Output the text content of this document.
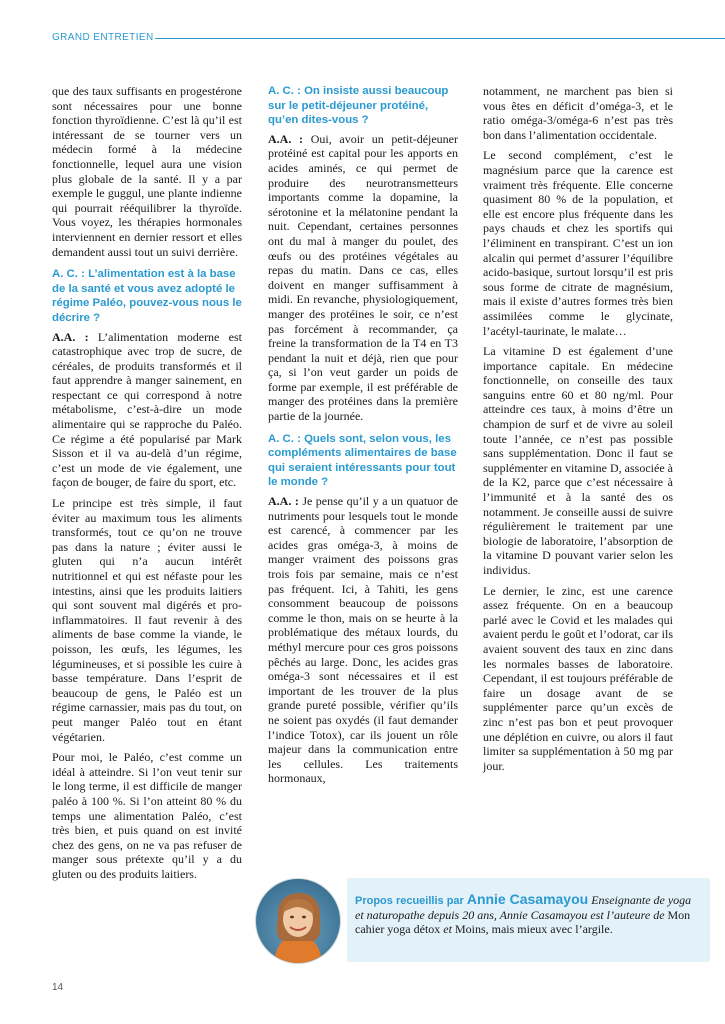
GRAND ENTRETIEN

que des taux suffisants en progestérone sont nécessaires pour une bonne fonction thyroïdienne. C’est là qu’il est intéressant de se tourner vers un médecin formé à la médecine fonctionnelle, lequel aura une vision plus globale de la santé. Il y a par exemple le guggul, une plante indienne qui pourrait rééquilibrer la thyroïde. Vous voyez, les thérapies hormonales interviennent en dernier ressort et elles demandent aussi tout un suivi derrière.

A. C. : L’alimentation est à la base de la santé et vous avez adopté le régime Paléo, pouvez-vous nous le décrire ?

A.A. : L’alimentation moderne est catastrophique avec trop de sucre, de céréales, de produits transformés et il faut apprendre à manger sainement, en respectant ce qui correspond à notre métabolisme, c’est-à-dire un mode alimentaire qui se rapproche du Paléo. Ce régime a été popularisé par Mark Sisson et il va au-delà d’un régime, c’est un mode de vie également, une façon de bouger, de faire du sport, etc.

Le principe est très simple, il faut éviter au maximum tous les aliments transformés, tout ce qu’on ne trouve pas dans la nature ; éviter aussi le gluten qui n’a aucun intérêt nutritionnel et qui est néfaste pour les intestins, ainsi que les produits laitiers qui sont souvent mal digérés et pro-inflammatoires. Il faut revenir à des aliments de base comme la viande, le poisson, les œufs, les légumes, les légumineuses, et si possible les cuire à basse température. Dans l’esprit de beaucoup de gens, le Paléo est un régime carnassier, mais pas du tout, on peut manger Paléo tout en étant végétarien.

Pour moi, le Paléo, c’est comme un idéal à atteindre. Si l’on veut tenir sur le long terme, il est difficile de manger paléo à 100 %. Si l’on atteint 80 % du temps une alimentation Paléo, c’est très bien, et puis quand on est invité chez des gens, on ne va pas refuser de manger sous prétexte qu’il y a du gluten ou des produits laitiers.

A. C. : On insiste aussi beaucoup sur le petit-déjeuner protéiné, qu’en dites-vous ?

A.A. : Oui, avoir un petit-déjeuner protéiné est capital pour les apports en acides aminés, ce qui permet de produire des neurotransmetteurs importants comme la dopamine, la sérotonine et la mélatonine pendant la nuit. Cependant, certaines personnes ont du mal à manger du poulet, des œufs ou des protéines végétales au repas du matin. Dans ce cas, elles doivent en manger suffisamment à midi. En revanche, physiologiquement, manger des protéines le soir, ce n’est pas forcément à recommander, ça freine la transformation de la T4 en T3 pendant la nuit et déjà, rien que pour ça, si l’on veut garder un poids de forme par exemple, il est préférable de manger des protéines dans la première partie de la journée.

A. C. : Quels sont, selon vous, les compléments alimentaires de base qui seraient intéressants pour tout le monde ?

A.A. : Je pense qu’il y a un quatuor de nutriments pour lesquels tout le monde est carencé, à commencer par les acides gras oméga-3, à moins de manger vraiment des poissons gras trois fois par semaine, mais ce n’est pas fréquent. Ici, à Tahiti, les gens consomment beaucoup de poissons comme le thon, mais on se heurte à la problématique des métaux lourds, du méthyl mercure pour ces gros poissons pêchés au large. Donc, les acides gras oméga-3 sont nécessaires et il est important de les trouver de la plus grande pureté possible, vérifier qu’ils ne soient pas oxydés (il faut demander l’indice Totox), car ils jouent un rôle majeur dans la communication entre les cellules. Les traitements hormonaux,

notamment, ne marchent pas bien si vous êtes en déficit d’oméga-3, et le ratio oméga-3/oméga-6 n’est pas très bon dans l’alimentation occidentale.

Le second complément, c’est le magnésium parce que la carence est vraiment très fréquente. Elle concerne quasiment 80 % de la population, et elle est encore plus fréquente dans les pays chauds et chez les sportifs qui l’éliminent en transpirant. C’est un ion alcalin qui permet d’assurer l’équilibre acido-basique, surtout lorsqu’il est pris sous forme de citrate de magnésium, mais il existe d’autres formes très bien assimilées comme le glycinate, l’acétyl-taurinate, le malate…

La vitamine D est également d’une importance capitale. En médecine fonctionnelle, on conseille des taux sanguins entre 60 et 80 ng/ml. Pour atteindre ces taux, à moins d’être un champion de surf et de vivre au soleil toute l’année, ce n’est pas possible sans supplémentation. Donc il faut se supplémenter en vitamine D, associée à de la K2, parce que c’est nécessaire à l’immunité et à la santé des os notamment. Je conseille aussi de suivre régulièrement le traitement par une biologie de laboratoire, l’absorption de la vitamine D pouvant varier selon les individus.

Le dernier, le zinc, est une carence assez fréquente. On en a beaucoup parlé avec le Covid et les malades qui avaient perdu le goût et l’odorat, car ils avaient souvent des taux en zinc dans les normales basses de laboratoire. Cependant, il est toujours préférable de faire un dosage avant de se supplémenter parce qu’un excès de zinc n’est pas bon et peut provoquer une déplétion en cuivre, ou alors il faut limiter sa supplémentation à 50 mg par jour.

Propos recueillis par Annie Casamayou Enseignante de yoga et naturopathe depuis 20 ans, Annie Casamayou est l’auteure de Mon cahier yoga détox et Moins, mais mieux avec l’argile.
14
